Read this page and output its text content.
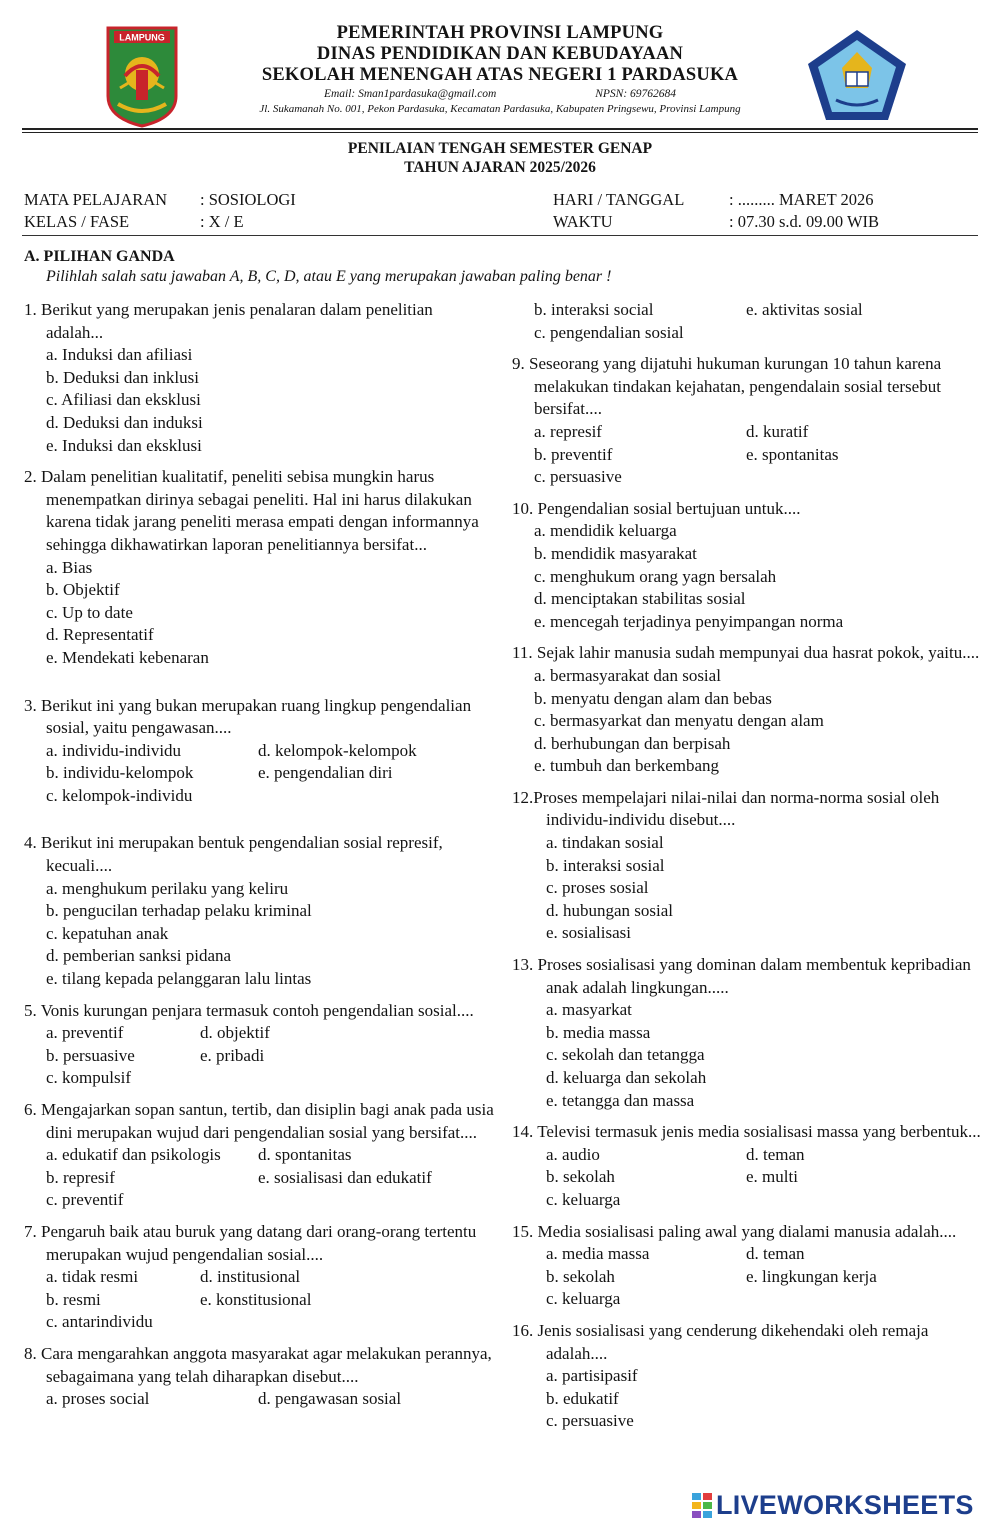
LAMPUNG	PEMERINTAH PROVINSI LAMPUNG
DINAS PENDIDIKAN DAN KEBUDAYAAN
SEKOLAH MENENGAH ATAS NEGERI 1 PARDASUKA
Email: Sman1pardasuka@gmail.com	NPSN: 69762684
Jl. Sukamanah No. 001, Pekon Pardasuka, Kecamatan Pardasuka, Kabupaten Pringsewu, Provinsi Lampung
PENILAIAN TENGAH SEMESTER GENAP
TAHUN AJARAN 2025/2026
MATA PELAJARAN	: SOSIOLOGI
KELAS / FASE	: X / E
HARI / TANGGAL	: ......... MARET 2026
WAKTU	: 07.30 s.d. 09.00 WIB
A. PILIHAN GANDA
Pilihlah salah satu jawaban A, B, C, D, atau E yang merupakan jawaban paling benar !
1. Berikut yang merupakan jenis penalaran dalam penelitian adalah...
a. Induksi dan afiliasi
b. Deduksi dan inklusi
c. Afiliasi dan eksklusi
d. Deduksi dan induksi
e. Induksi dan eksklusi
2. Dalam penelitian kualitatif, peneliti sebisa mungkin harus menempatkan dirinya sebagai peneliti. Hal ini harus dilakukan karena tidak jarang peneliti merasa empati dengan informannya sehingga dikhawatirkan laporan penelitiannya bersifat...
a. Bias
b. Objektif
c. Up to date
d. Representatif
e. Mendekati kebenaran
3. Berikut ini yang bukan merupakan ruang lingkup pengendalian sosial, yaitu pengawasan....
a. individu-individu	d. kelompok-kelompok
b. individu-kelompok	e. pengendalian diri
c. kelompok-individu
4. Berikut ini merupakan bentuk pengendalian sosial represif, kecuali....
a. menghukum perilaku yang keliru
b. pengucilan terhadap pelaku kriminal
c. kepatuhan anak
d. pemberian sanksi pidana
e. tilang kepada pelanggaran lalu lintas
5. Vonis kurungan penjara termasuk contoh pengendalian sosial....
a. preventif	d. objektif
b. persuasive	e. pribadi
c. kompulsif
6. Mengajarkan sopan santun, tertib, dan disiplin bagi anak pada usia dini merupakan wujud dari pengendalian sosial yang bersifat....
a. edukatif dan psikologis	d. spontanitas
b. represif	e. sosialisasi dan edukatif
c. preventif
7. Pengaruh baik atau buruk yang datang dari orang-orang tertentu merupakan wujud pengendalian sosial....
a. tidak resmi	d. institusional
b. resmi	e. konstitusional
c. antarindividu
8. Cara mengarahkan anggota masyarakat agar melakukan perannya, sebagaimana yang telah diharapkan disebut....
a. proses social	d. pengawasan sosial
b. interaksi social	e. aktivitas sosial
c. pengendalian sosial
9. Seseorang yang dijatuhi hukuman kurungan 10 tahun karena melakukan tindakan kejahatan, pengendalain sosial tersebut bersifat....
a. represif	d. kuratif
b. preventif	e. spontanitas
c. persuasive
10. Pengendalian sosial bertujuan untuk....
a. mendidik keluarga
b. mendidik masyarakat
c. menghukum orang yagn bersalah
d. menciptakan stabilitas sosial
e. mencegah terjadinya penyimpangan norma
11. Sejak lahir manusia sudah mempunyai dua hasrat pokok, yaitu....
a. bermasyarakat dan sosial
b. menyatu dengan alam dan bebas
c. bermasyarkat dan menyatu dengan alam
d. berhubungan dan berpisah
e. tumbuh dan berkembang
12.Proses mempelajari nilai-nilai dan norma-norma sosial oleh individu-individu disebut....
a. tindakan sosial
b. interaksi sosial
c. proses sosial
d. hubungan sosial
e. sosialisasi
13. Proses sosialisasi yang dominan dalam membentuk kepribadian anak adalah lingkungan.....
a. masyarkat
b. media massa
c. sekolah dan tetangga
d. keluarga dan sekolah
e. tetangga dan massa
14. Televisi termasuk jenis media sosialisasi massa yang berbentuk...
a. audio	d. teman
b. sekolah	e. multi
c. keluarga
15. Media sosialisasi paling awal yang dialami manusia adalah....
a. media massa	d. teman
b. sekolah	e. lingkungan kerja
c. keluarga
16. Jenis sosialisasi yang cenderung dikehendaki oleh remaja adalah....
a. partisipasif
b. edukatif
c. persuasive
LIVEWORKSHEETS
